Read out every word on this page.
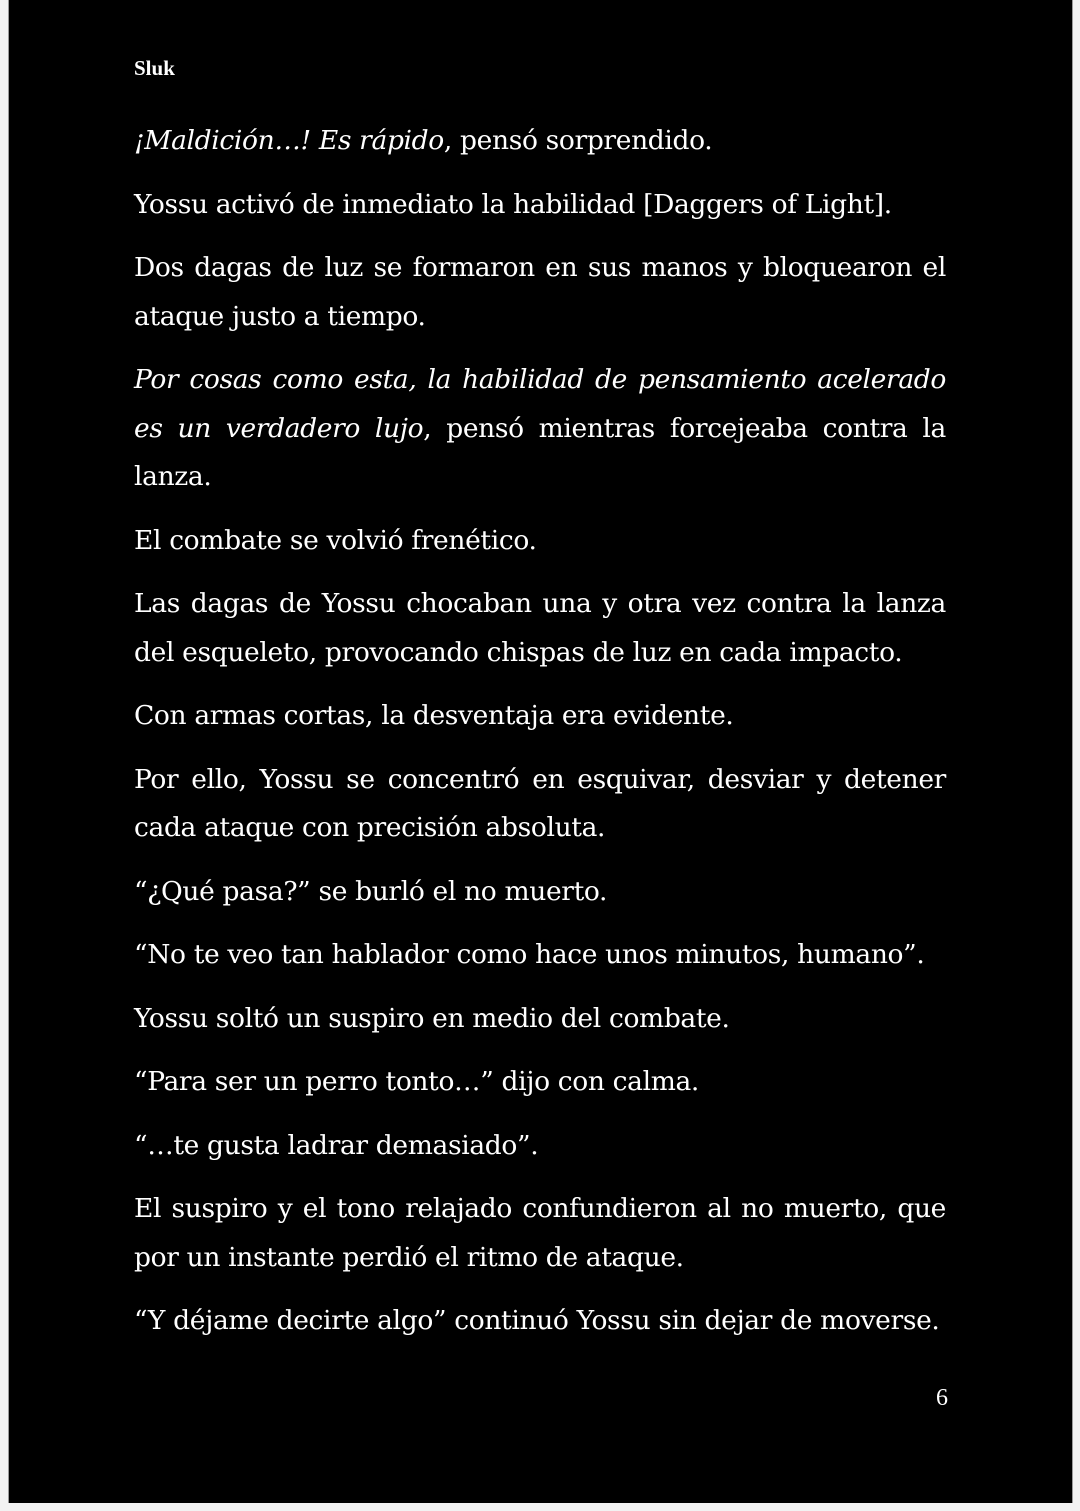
Sluk

¡Maldición…! Es rápido, pensó sorprendido.

Yossu activó de inmediato la habilidad [Daggers of Light].

Dos dagas de luz se formaron en sus manos y bloquearon el ataque justo a tiempo.

Por cosas como esta, la habilidad de pensamiento acelerado es un verdadero lujo, pensó mientras forcejeaba contra la lanza.

El combate se volvió frenético.

Las dagas de Yossu chocaban una y otra vez contra la lanza del esqueleto, provocando chispas de luz en cada impacto.

Con armas cortas, la desventaja era evidente.

Por ello, Yossu se concentró en esquivar, desviar y detener cada ataque con precisión absoluta.

“¿Qué pasa?” se burló el no muerto.

“No te veo tan hablador como hace unos minutos, humano”.

Yossu soltó un suspiro en medio del combate.

“Para ser un perro tonto…” dijo con calma.

“…te gusta ladrar demasiado”.

El suspiro y el tono relajado confundieron al no muerto, que por un instante perdió el ritmo de ataque.

“Y déjame decirte algo” continuó Yossu sin dejar de moverse.

6
